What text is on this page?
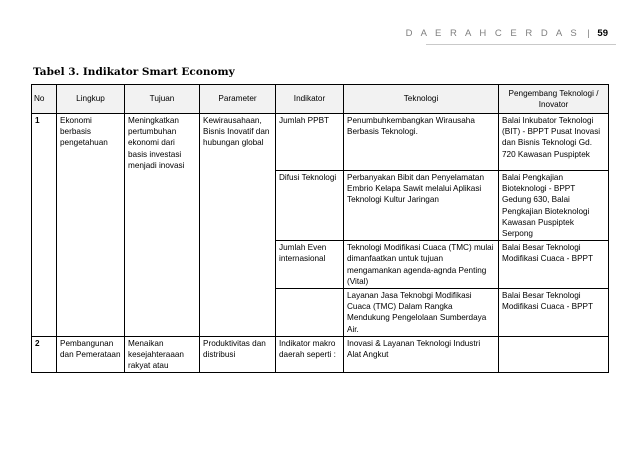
D A E R A H C E R D A S | 59
Tabel 3. Indikator Smart Economy
No	Lingkup	Tujuan	Parameter	Indikator	Teknologi	Pengembang Teknologi / Inovator
1	Ekonomi berbasis pengetahuan	Meningkatkan pertumbuhan ekonomi dari basis investasi menjadi inovasi	Kewirausahaan, Bisnis Inovatif dan hubungan global	Jumlah PPBT	Penumbuhkembangkan Wirausaha Berbasis Teknologi.	Balai Inkubator Teknologi (BIT) - BPPT Pusat Inovasi dan Bisnis Teknologi Gd. 720 Kawasan Puspiptek
				Difusi Teknologi	Perbanyakan Bibit dan Penyelamatan Embrio Kelapa Sawit melalui Aplikasi Teknologi Kultur Jaringan	Balai Pengkajian Bioteknologi - BPPT Gedung 630, Balai Pengkajian Bioteknologi Kawasan Puspiptek Serpong
				Jumlah Even internasional	Teknologi Modifikasi Cuaca (TMC) mulai dimanfaatkan untuk tujuan mengamankan agenda-agnda Penting (Vital)	Balai Besar Teknologi Modifikasi Cuaca - BPPT
					Layanan Jasa Teknobgi Modifikasi Cuaca (TMC) Dalam Rangka Mendukung Pengelolaan Sumberdaya Air.	Balai Besar Teknologi Modifikasi Cuaca - BPPT
2	Pembangunan dan Pemerataan	Menaikan kesejahteraaan rakyat atau	Produktivitas dan distribusi	Indikator makro daerah seperti :	Inovasi & Layanan Teknologi Industri Alat Angkut	
